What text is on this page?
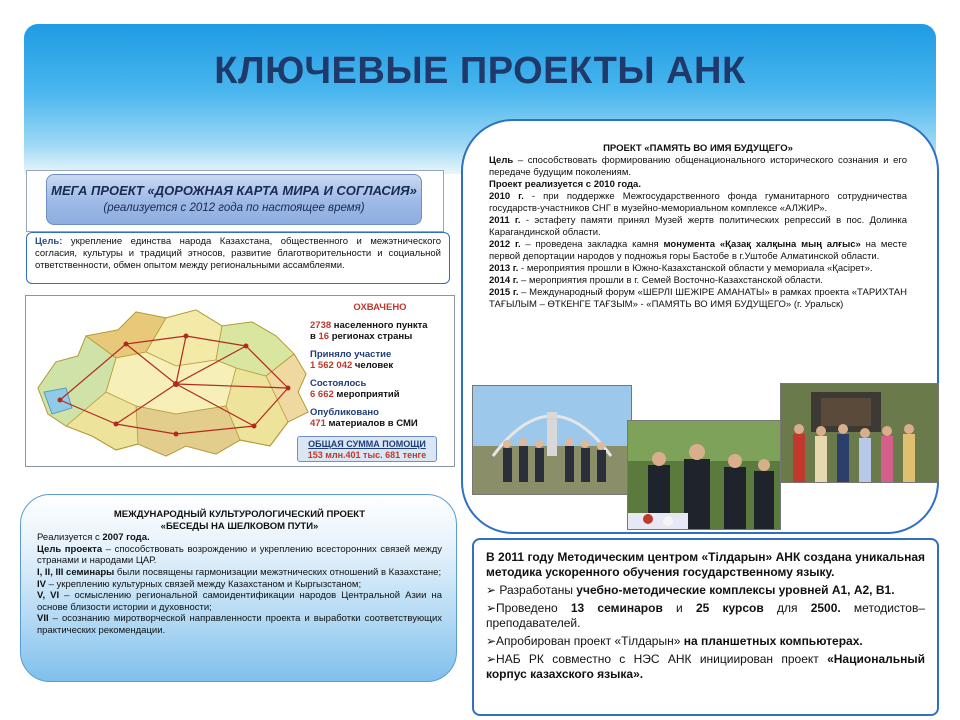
КЛЮЧЕВЫЕ ПРОЕКТЫ АНК
МЕГА ПРОЕКТ «ДОРОЖНАЯ КАРТА МИРА И СОГЛАСИЯ»
(реализуется с 2012 года по настоящее время)
Цель: укрепление единства народа Казахстана, общественного и межэтнического согласия, культуры и традиций этносов, развитие благотворительности и социальной ответственности, обмен опытом между региональными ассамблеями.
ОХВАЧЕНО
2738 населенного пункта
в 16 регионах страны
Приняло участие
1 562 042 человек
Состоялось
6 662 мероприятий
Опубликовано
471 материалов в СМИ
ОБЩАЯ СУММА ПОМОЩИ
153 млн.401 тыс. 681 тенге
МЕЖДУНАРОДНЫЙ КУЛЬТУРОЛОГИЧЕСКИЙ ПРОЕКТ
«БЕСЕДЫ НА ШЕЛКОВОМ ПУТИ»

Реализуется с 2007 года.

Цель проекта – способствовать возрождению и укреплению всесторонних связей между странами и народами ЦАР.

I, II, III семинары были посвящены гармонизации межэтнических отношений в Казахстане;

IV – укреплению культурных связей между Казахстаном и Кыргызстаном;

V, VI – осмыслению региональной самоидентификации народов Центральной Азии на основе близости истории и духовности;

VII – осознанию миротворческой направленности проекта и выработки соответствующих практических рекомендации.

ПРОЕКТ «ПАМЯТЬ ВО ИМЯ БУДУЩЕГО»

Цель – способствовать формированию общенационального исторического сознания и его передаче будущим поколениям.

Проект реализуется с 2010 года.

2010 г. - при поддержке Межгосударственного фонда гуманитарного сотрудничества государств-участников СНГ в музейно-мемориальном комплексе «АЛЖИР».

2011 г. - эстафету памяти принял Музей жертв политических репрессий в пос. Долинка Карагандинской области.

2012 г. – проведена закладка камня монумента «Қазақ халқына мың алғыс» на месте первой депортации народов у подножья горы Бастобе в г.Уштобе Алматинской области.

2013 г. - мероприятия прошли в Южно-Казахстанской области у мемориала «Қасірет».

2014 г. – мероприятия прошли в г. Семей Восточно-Казахстанской области.

2015 г. – Международный форум «ШЕРЛІ ШЕЖІРЕ АМАНАТЫ» в рамках проекта «ТАРИХТАН ТАҒЫЛЫМ – ӨТКЕНГЕ ТАҒЗЫМ» - «ПАМЯТЬ ВО ИМЯ БУДУЩЕГО» (г. Уральск)

В 2011 году Методическим центром «Тілдарын» АНК создана уникальная методика ускоренного обучения государственному языку.

➢ Разработаны учебно-методические комплексы уровней А1, А2, В1.

➢Проведено 13 семинаров и 25 курсов для 2500. методистов–преподавателей.

➢Апробирован проект «Тілдарын» на планшетных компьютерах.

➢НАБ РК совместно с НЭС АНК инициирован проект «Национальный корпус казахского языка».
